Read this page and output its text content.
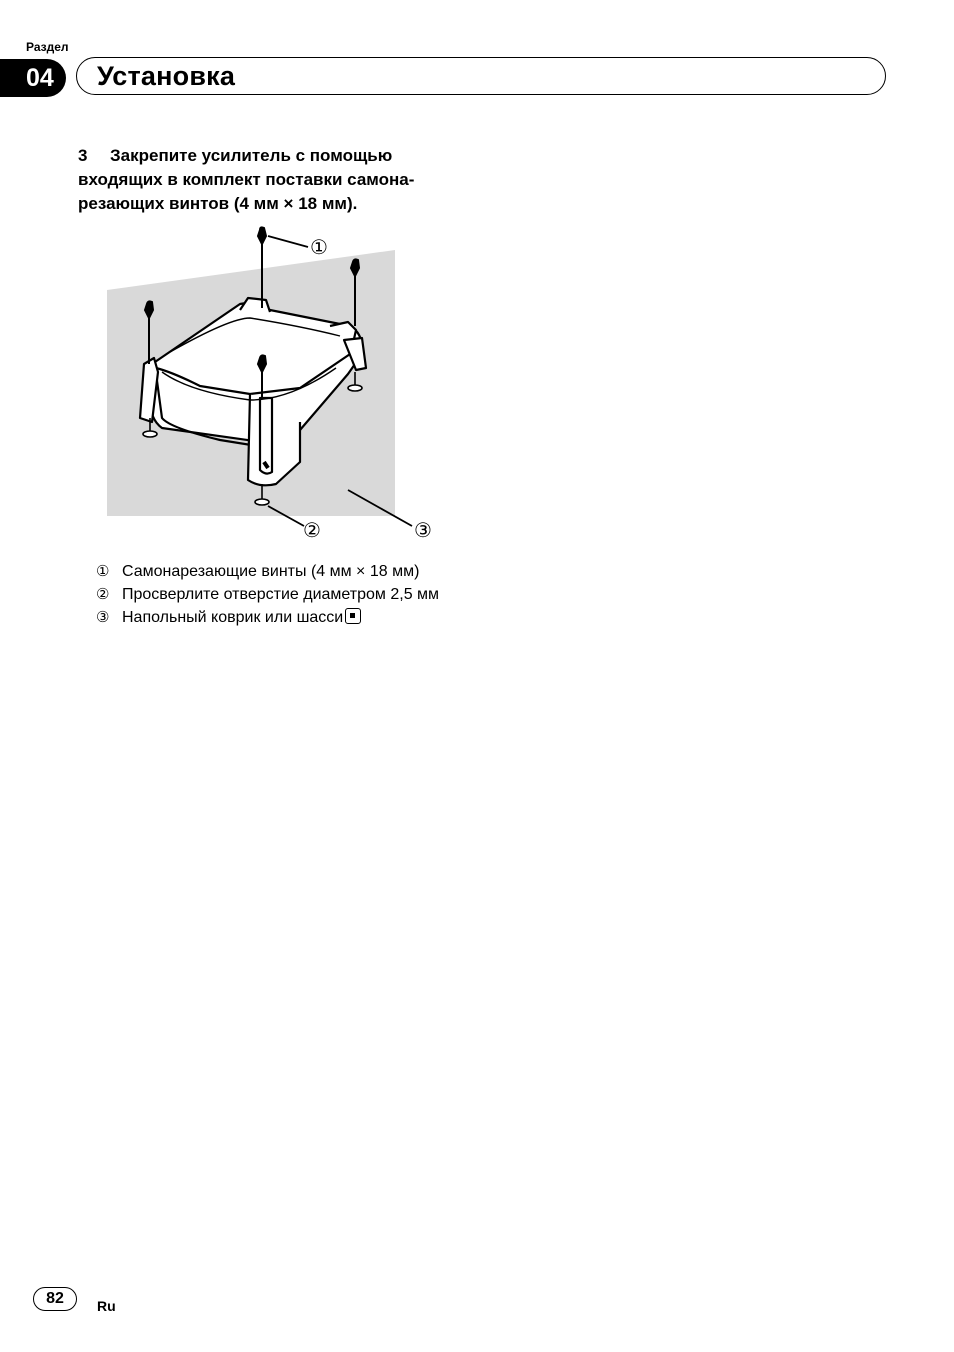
Раздел
04	Установка
3 Закрепите усилитель с помощью
входящих в комплект поставки самона-
резающих винтов (4 мм × 18 мм).
①
②	③
① Самонарезающие винты (4 мм × 18 мм)
② Просверлите отверстие диаметром 2,5 мм
③ Напольный коврик или шасси
82	Ru
